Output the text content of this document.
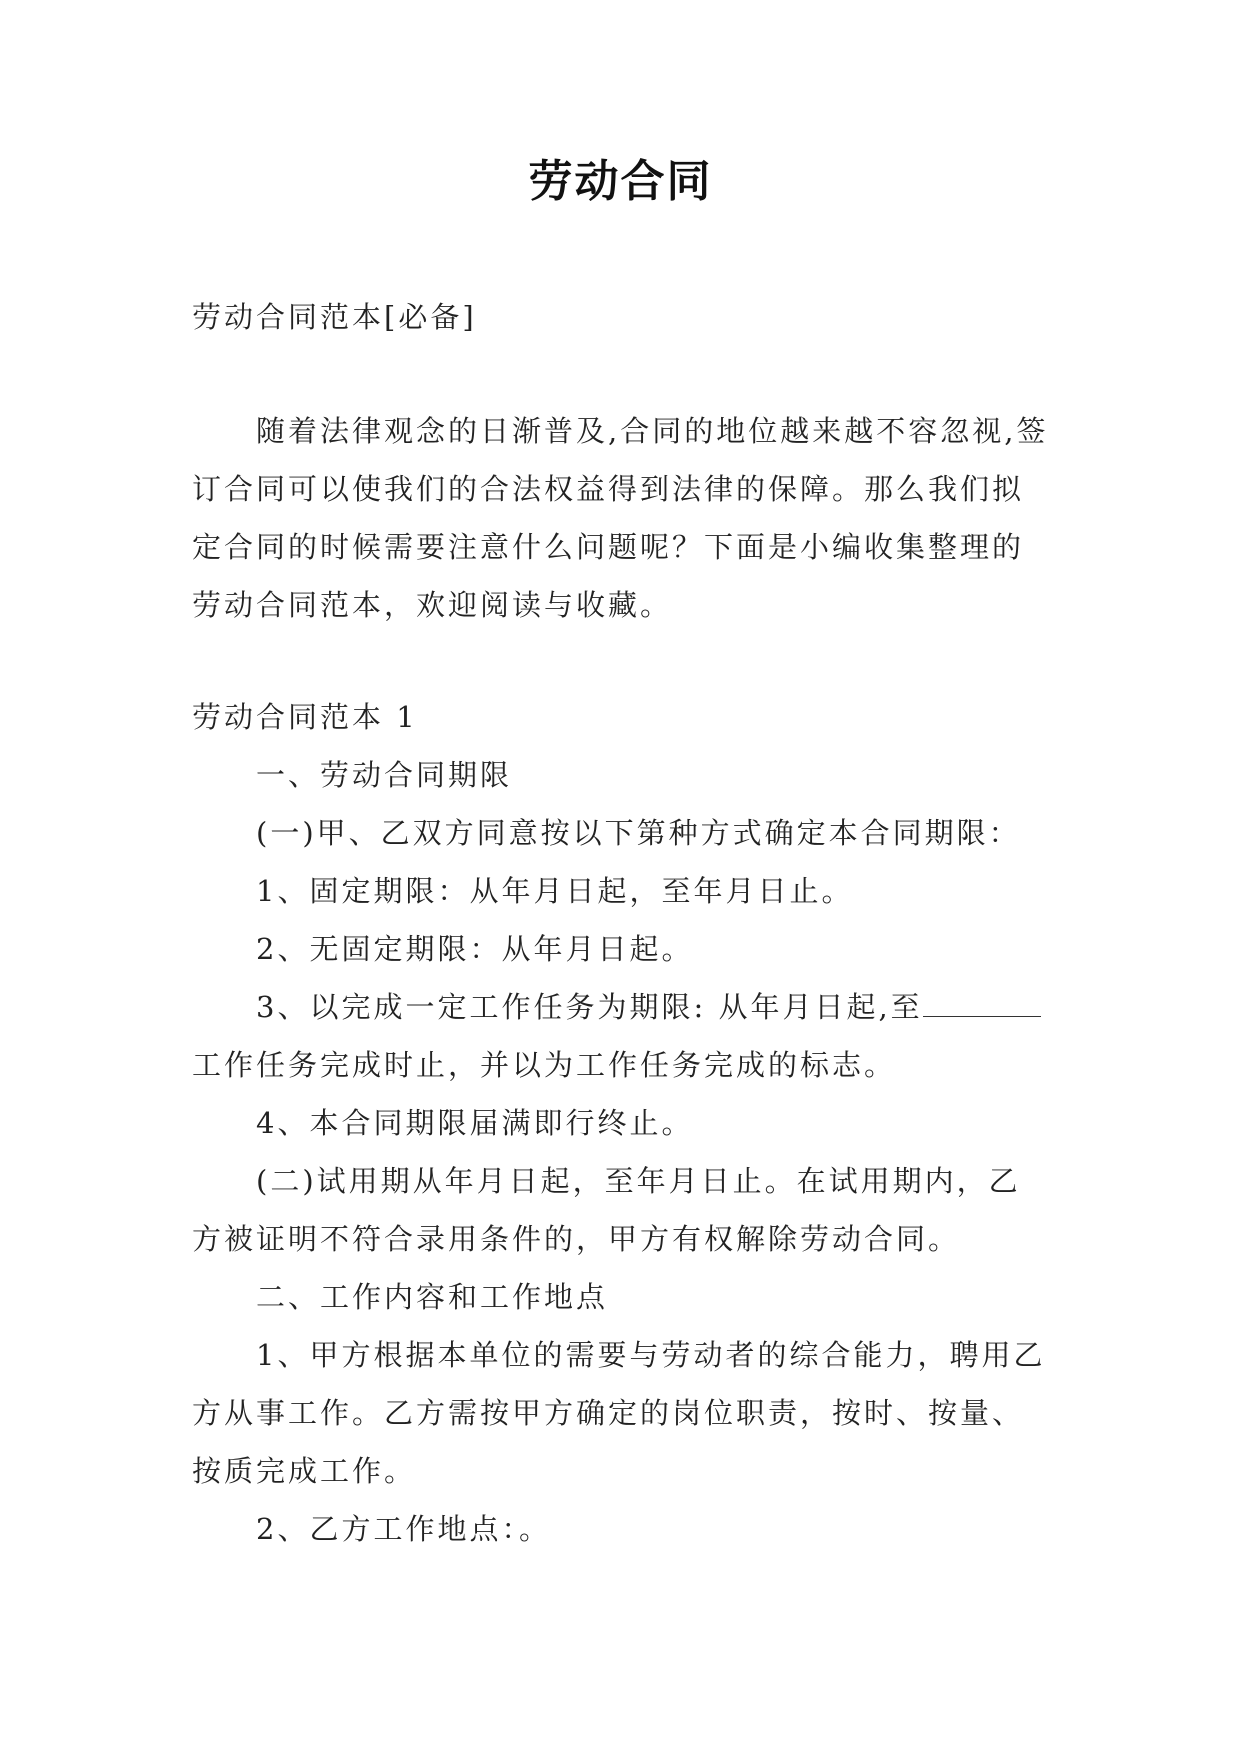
劳动合同

劳动合同范本[必备]

随着法律观念的日渐普及,合同的地位越来越不容忽视,签订合同可以使我们的合法权益得到法律的保障。那么我们拟定合同的时候需要注意什么问题呢？下面是小编收集整理的劳动合同范本，欢迎阅读与收藏。

劳动合同范本 1

一、劳动合同期限

(一)甲、乙双方同意按以下第种方式确定本合同期限：

1、固定期限：从年月日起，至年月日止。

2、无固定期限：从年月日起。

3、以完成一定工作任务为期限: 从年月日起,至工作任务完成时止，并以为工作任务完成的标志。

4、本合同期限届满即行终止。

(二)试用期从年月日起，至年月日止。在试用期内，乙方被证明不符合录用条件的，甲方有权解除劳动合同。

二、工作内容和工作地点

1、甲方根据本单位的需要与劳动者的综合能力，聘用乙方从事工作。乙方需按甲方确定的岗位职责，按时、按量、按质完成工作。

2、乙方工作地点：。
